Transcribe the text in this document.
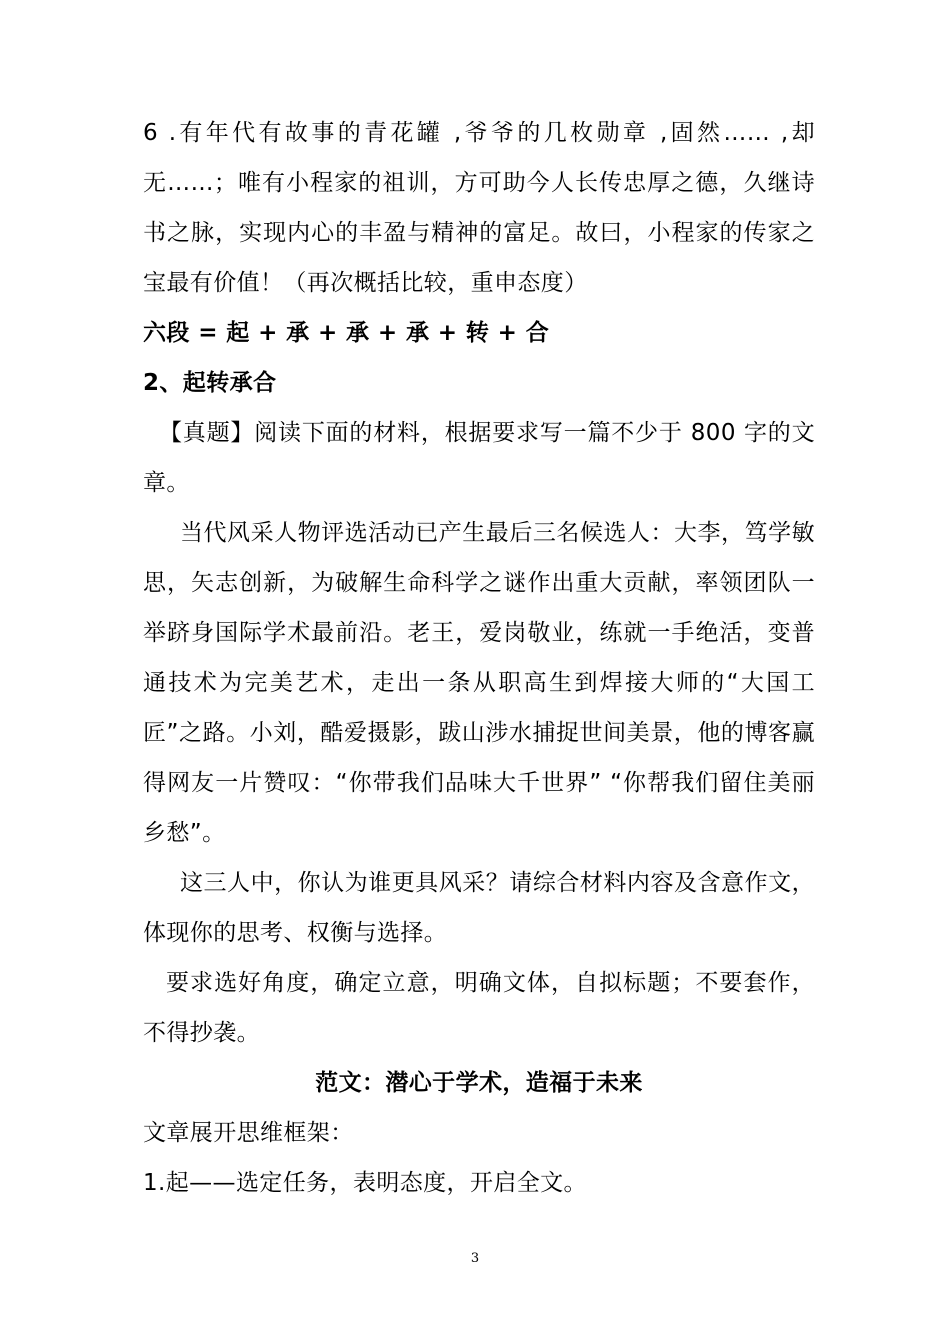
6 .有年代有故事的青花罐 ,爷爷的几枚勋章 ,固然…… ,却无……；唯有小程家的祖训，方可助今人长传忠厚之德，久继诗书之脉，实现内心的丰盈与精神的富足。故曰，小程家的传家之宝最有价值！（再次概括比较，重申态度）

六段 = 起 + 承 + 承 + 承 + 转 + 合

2、起转承合

【真题】阅读下面的材料，根据要求写一篇不少于 800 字的文章。

当代风采人物评选活动已产生最后三名候选人：大李，笃学敏思，矢志创新，为破解生命科学之谜作出重大贡献，率领团队一举跻身国际学术最前沿。老王，爱岗敬业，练就一手绝活，变普通技术为完美艺术，走出一条从职高生到焊接大师的“大国工匠”之路。小刘，酷爱摄影，跋山涉水捕捉世间美景，他的博客赢得网友一片赞叹：“你带我们品味大千世界” “你帮我们留住美丽乡愁”。

这三人中，你认为谁更具风采？请综合材料内容及含意作文，体现你的思考、权衡与选择。

要求选好角度，确定立意，明确文体，自拟标题；不要套作，不得抄袭。

范文：潜心于学术，造福于未来

文章展开思维框架：

1.起——选定任务，表明态度，开启全文。

3
